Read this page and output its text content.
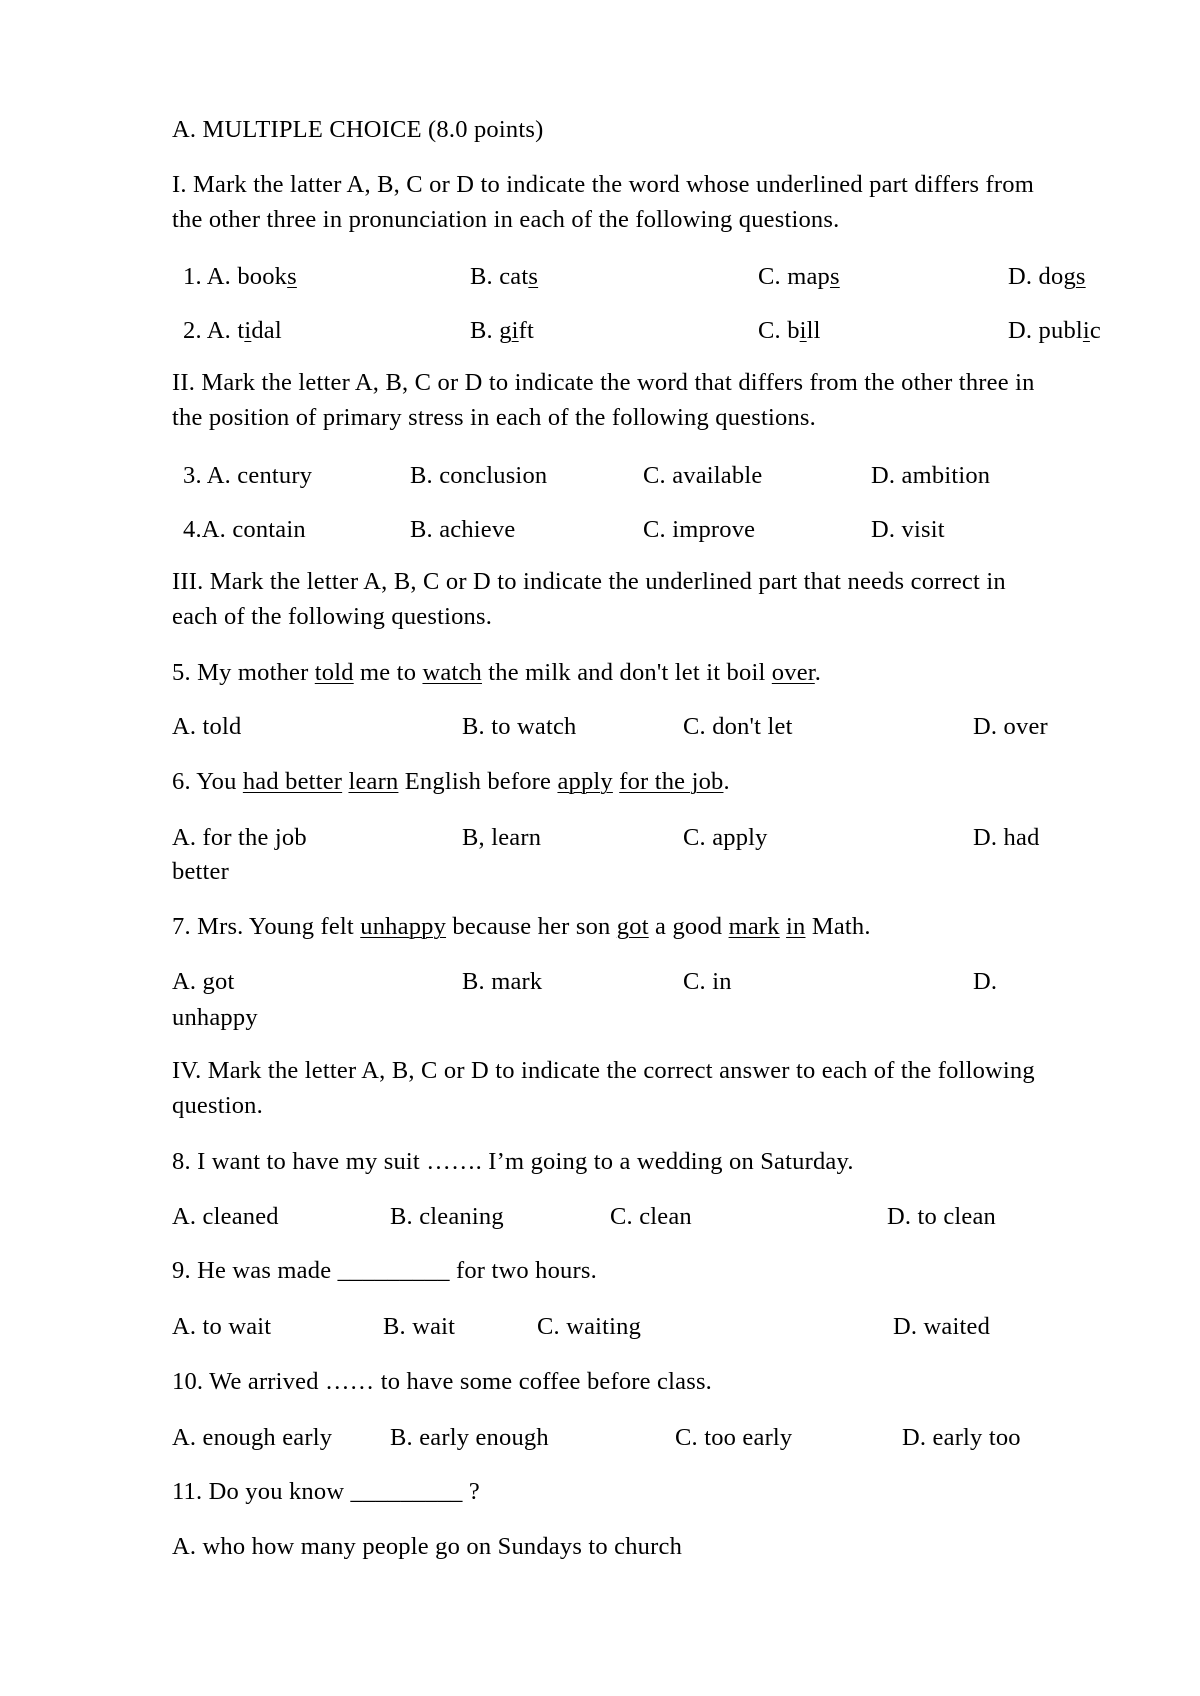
A. MULTIPLE CHOICE (8.0 points)
I. Mark the latter A, B, C or D to indicate the word whose underlined part differs from
the other three in pronunciation in each of the following questions.
1. A. books	B. cats	C. maps	D. dogs
2. A. tidal	B. gift	C. bill	D. public
II. Mark the letter A, B, C or D to indicate the word that differs from the other three in
the position of primary stress in each of the following questions.
3. A. century	B. conclusion	C. available	D. ambition
4.A. contain	B. achieve	C. improve	D. visit
III. Mark the letter A, B, C or D to indicate the underlined part that needs correct in
each of the following questions.
5. My mother told me to watch the milk and don't let it boil over.
A. told	B. to watch	C. don't let	D. over
6. You had better learn English before apply for the job.
A. for the job	B, learn	C. apply	D. had
better
7. Mrs. Young felt unhappy because her son got a good mark in Math.
A. got	B. mark	C. in	D.
unhappy
IV. Mark the letter A, B, C or D to indicate the correct answer to each of the following
question.
8. I want to have my suit ……. I’m going to a wedding on Saturday.
A. cleaned	B. cleaning	C. clean	D. to clean
9. He was made _________ for two hours.
A. to wait	B. wait	C. waiting	D. waited
10. We arrived …… to have some coffee before class.
A. enough early B. early enough	C. too early	D. early too
11. Do you know _________ ?
A. who how many people go on Sundays to church
